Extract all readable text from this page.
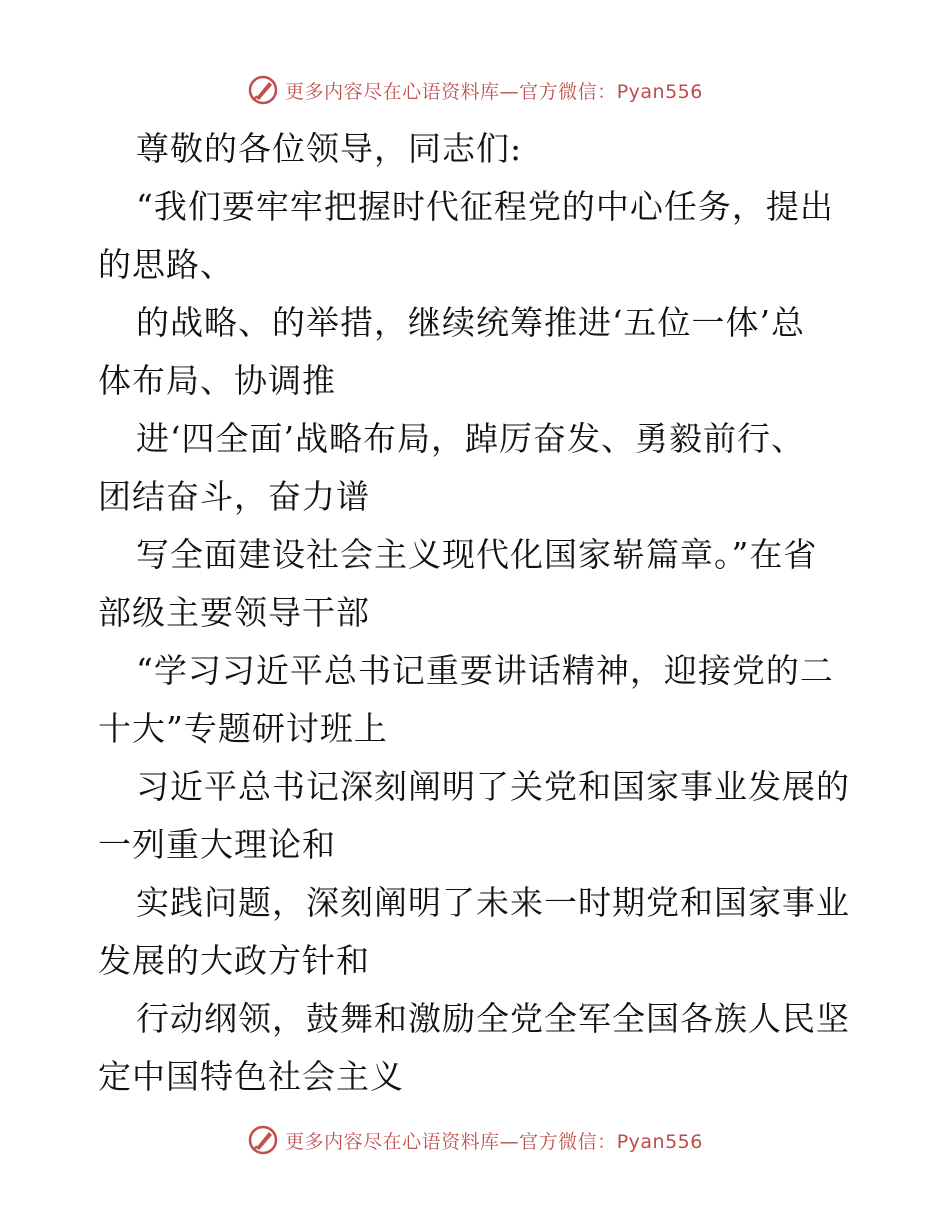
更多内容尽在心语资料库—官方微信：Pyan556
尊敬的各位领导，同志们:
“我们要牢牢把握时代征程党的中心任务，提出
的思路、
的战略、的举措，继续统筹推进‘五位一体’总
体布局、协调推
进‘四全面’战略布局，踔厉奋发、勇毅前行、
团结奋斗，奋力谱
写全面建设社会主义现代化国家崭篇章。”在省
部级主要领导干部
“学习习近平总书记重要讲话精神，迎接党的二
十大”专题研讨班上
习近平总书记深刻阐明了关党和国家事业发展的
一列重大理论和
实践问题，深刻阐明了未来一时期党和国家事业
发展的大政方针和
行动纲领，鼓舞和激励全党全军全国各族人民坚
定中国特色社会主义
更多内容尽在心语资料库—官方微信：Pyan556
